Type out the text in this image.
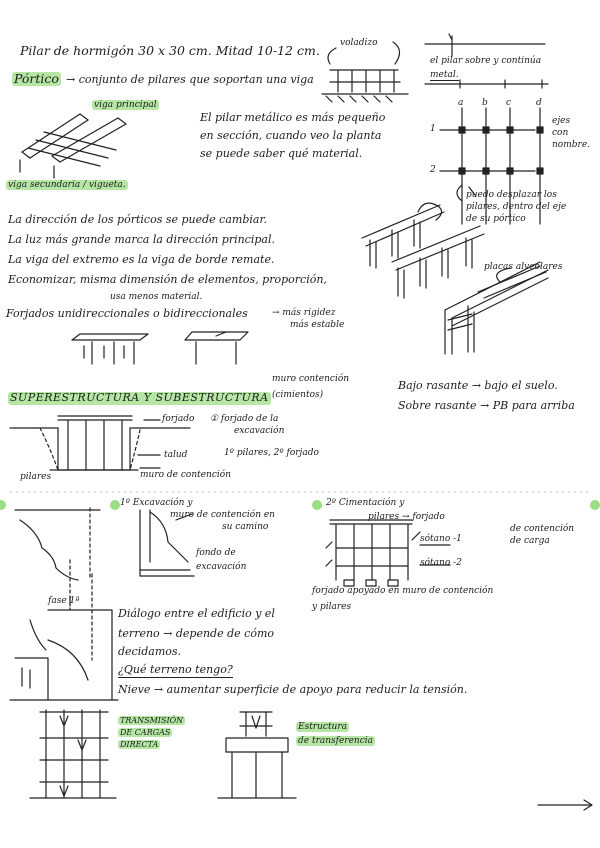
Pilar de hormigón 30 x 30 cm. Mitad 10-12 cm. voladizo
el pilar sobre y continúa
metal.
Pórtico → conjunto de pilares que soportan una viga
viga principal
El pilar metálico es más pequeño
en sección, cuando veo la planta
se puede saber qué material.
a b c	d
1
2
ejes
con
nombre.
viga secundaria / vigueta.
puedo desplazar los
pilares, dentro del eje
de su pórtico
La dirección de los pórticos se puede cambiar.
La luz más grande marca la dirección principal.
La viga del extremo es la viga de borde remate.
Economizar, misma dimensión de elementos, proporción,
usa menos material.
placas alveolares
Forjados unidireccionales o bidireccionales	→ más rigidez
más estable
SUPERESTRUCTURA Y SUBESTRUCTURA
muro contención
(cimientos)
Bajo rasante → bajo el suelo.
Sobre rasante → PB para arriba
forjado ① forjado de la
excavación
talud
muro de contención
1º pilares, 2º forjado
pilares
1º Excavación y
muro de contención en
su camino
fondo de
excavación
2º Cimentación y
pilares → forjado
sótano -1
sótano -2
de contención
de carga
forjado apoyado en muro de contención
y pilares
fase 1ª
Diálogo entre el edificio y el
terreno → depende de cómo
decidamos.
¿Qué terreno tengo?
Nieve → aumentar superficie de apoyo para reducir la tensión.
TRANSMISIÓN
DE CARGAS
DIRECTA
Estructura
de transferencia
